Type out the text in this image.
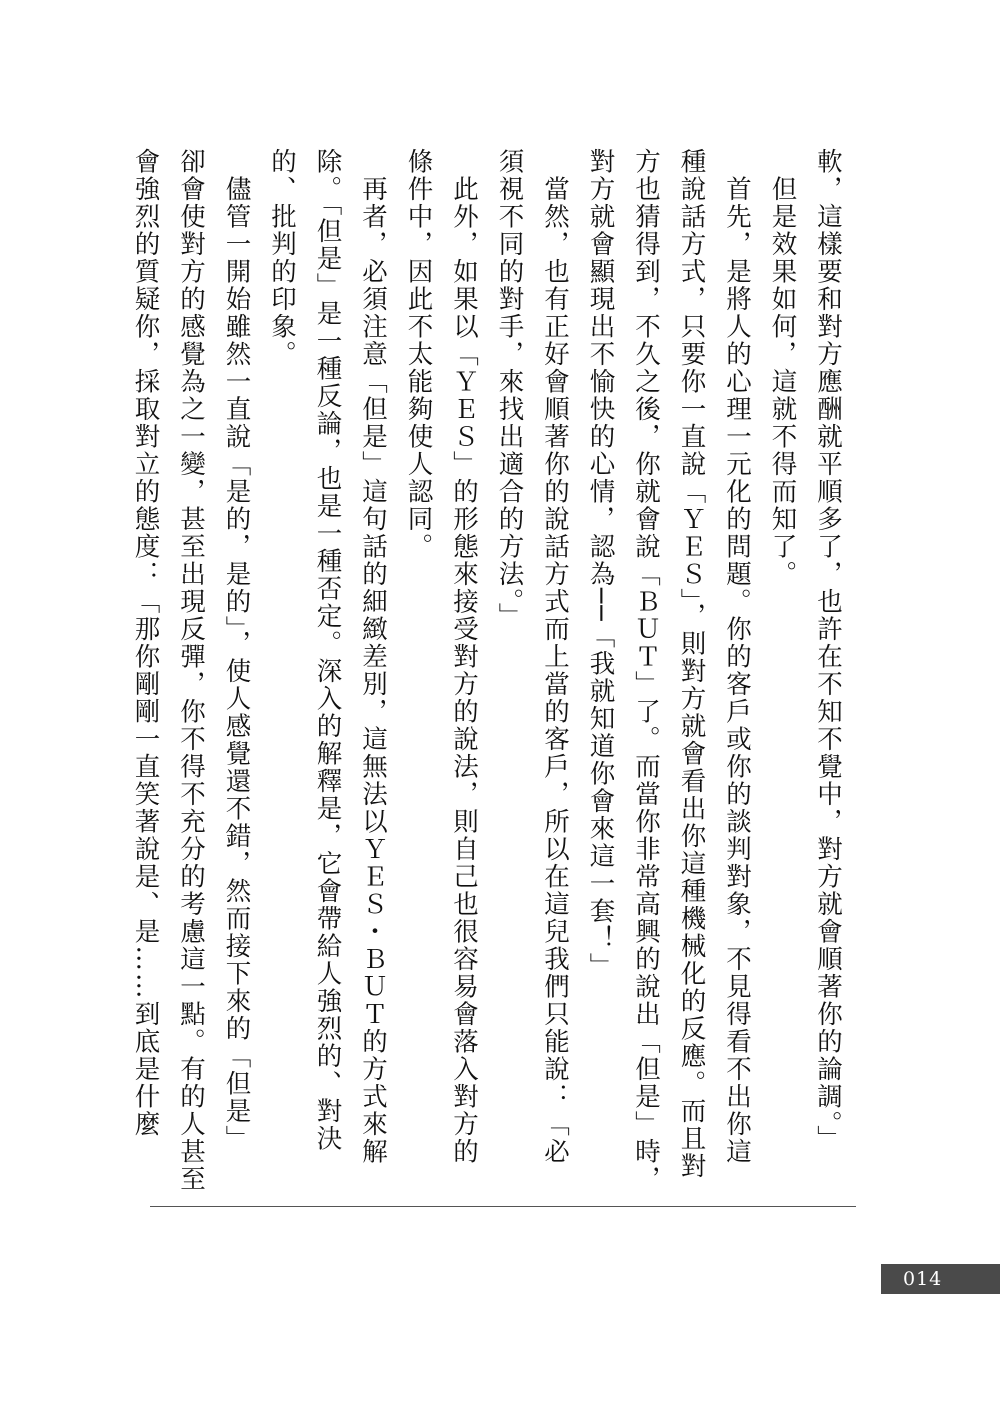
軟，這樣要和對方應酬就平順多了，也許在不知不覺中，對方就會順著你的論調。」

　但是效果如何，這就不得而知了。

　首先，是將人的心理一元化的問題。你的客戶或你的談判對象，不見得看不出你這

種說話方式，只要你一直說「ＹＥＳ」，則對方就會看出你這種機械化的反應。而且對

方也猜得到，不久之後，你就會說「ＢＵＴ」了。而當你非常高興的說出「但是」時，

對方就會顯現出不愉快的心情，認為──「我就知道你會來這一套！」

　當然，也有正好會順著你的說話方式而上當的客戶，所以在這兒我們只能說：「必

須視不同的對手，來找出適合的方法。」

　此外，如果以「ＹＥＳ」的形態來接受對方的說法，則自己也很容易會落入對方的

條件中，因此不太能夠使人認同。

　再者，必須注意「但是」這句話的細緻差別，這無法以ＹＥＳ・ＢＵＴ的方式來解

除。「但是」是一種反論，也是一種否定。深入的解釋是，它會帶給人強烈的、對決

的、批判的印象。

　儘管一開始雖然一直說「是的，是的」，使人感覺還不錯，然而接下來的「但是」

卻會使對方的感覺為之一變，甚至出現反彈，你不得不充分的考慮這一點。有的人甚至

會強烈的質疑你，採取對立的態度：「那你剛剛一直笑著說是、是……到底是什麼

014
